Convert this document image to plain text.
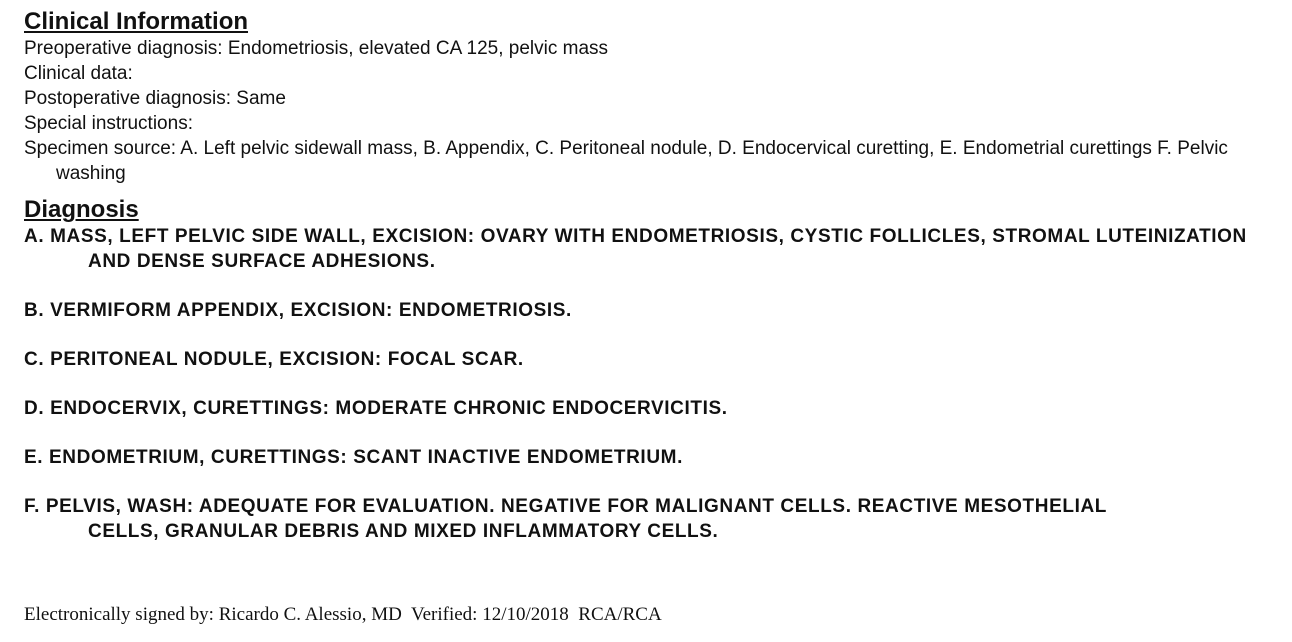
Clinical Information
Preoperative diagnosis: Endometriosis, elevated CA 125, pelvic mass
Clinical data:
Postoperative diagnosis: Same
Special instructions:
Specimen source: A. Left pelvic sidewall mass, B. Appendix, C. Peritoneal nodule, D. Endocervical curetting, E. Endometrial curettings F. Pelvic washing
Diagnosis
A. MASS, LEFT PELVIC SIDE WALL, EXCISION: OVARY WITH ENDOMETRIOSIS, CYSTIC FOLLICLES, STROMAL LUTEINIZATION AND DENSE SURFACE ADHESIONS.
B. VERMIFORM APPENDIX, EXCISION: ENDOMETRIOSIS.
C. PERITONEAL NODULE, EXCISION: FOCAL SCAR.
D. ENDOCERVIX, CURETTINGS: MODERATE CHRONIC ENDOCERVICITIS.
E. ENDOMETRIUM, CURETTINGS: SCANT INACTIVE ENDOMETRIUM.
F. PELVIS, WASH: ADEQUATE FOR EVALUATION. NEGATIVE FOR MALIGNANT CELLS. REACTIVE MESOTHELIAL
CELLS, GRANULAR DEBRIS AND MIXED INFLAMMATORY CELLS.
Electronically signed by: Ricardo C. Alessio, MD  Verified: 12/10/2018  RCA/RCA
